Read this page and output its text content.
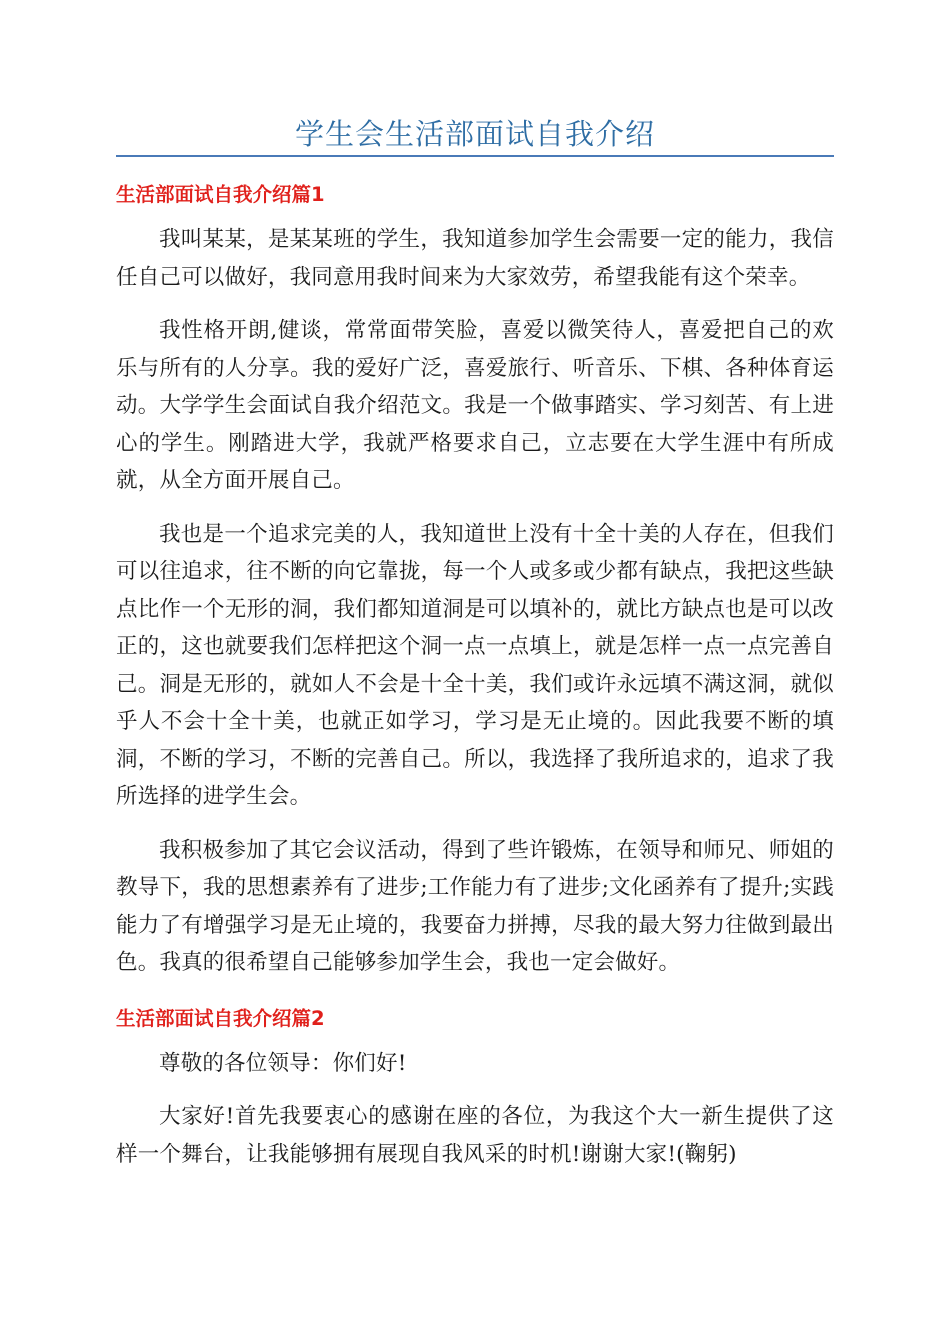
学生会生活部面试自我介绍
生活部面试自我介绍篇1

我叫某某，是某某班的学生，我知道参加学生会需要一定的能力，我信任自己可以做好，我同意用我时间来为大家效劳，希望我能有这个荣幸。

我性格开朗,健谈，常常面带笑脸，喜爱以微笑待人，喜爱把自己的欢乐与所有的人分享。我的爱好广泛，喜爱旅行、听音乐、下棋、各种体育运动。大学学生会面试自我介绍范文。我是一个做事踏实、学习刻苦、有上进心的学生。刚踏进大学，我就严格要求自己，立志要在大学生涯中有所成就，从全方面开展自己。

我也是一个追求完美的人，我知道世上没有十全十美的人存在，但我们可以往追求，往不断的向它靠拢，每一个人或多或少都有缺点，我把这些缺点比作一个无形的洞，我们都知道洞是可以填补的，就比方缺点也是可以改正的，这也就要我们怎样把这个洞一点一点填上，就是怎样一点一点完善自己。洞是无形的，就如人不会是十全十美，我们或许永远填不满这洞，就似乎人不会十全十美，也就正如学习，学习是无止境的。因此我要不断的填洞，不断的学习，不断的完善自己。所以，我选择了我所追求的，追求了我所选择的进学生会。

我积极参加了其它会议活动，得到了些许锻炼，在领导和师兄、师姐的教导下，我的思想素养有了进步;工作能力有了进步;文化函养有了提升;实践能力了有增强学习是无止境的，我要奋力拼搏，尽我的最大努力往做到最出色。我真的很希望自己能够参加学生会，我也一定会做好。

生活部面试自我介绍篇2

尊敬的各位领导：你们好!

大家好!首先我要衷心的感谢在座的各位，为我这个大一新生提供了这样一个舞台，让我能够拥有展现自我风采的时机!谢谢大家!(鞠躬)
